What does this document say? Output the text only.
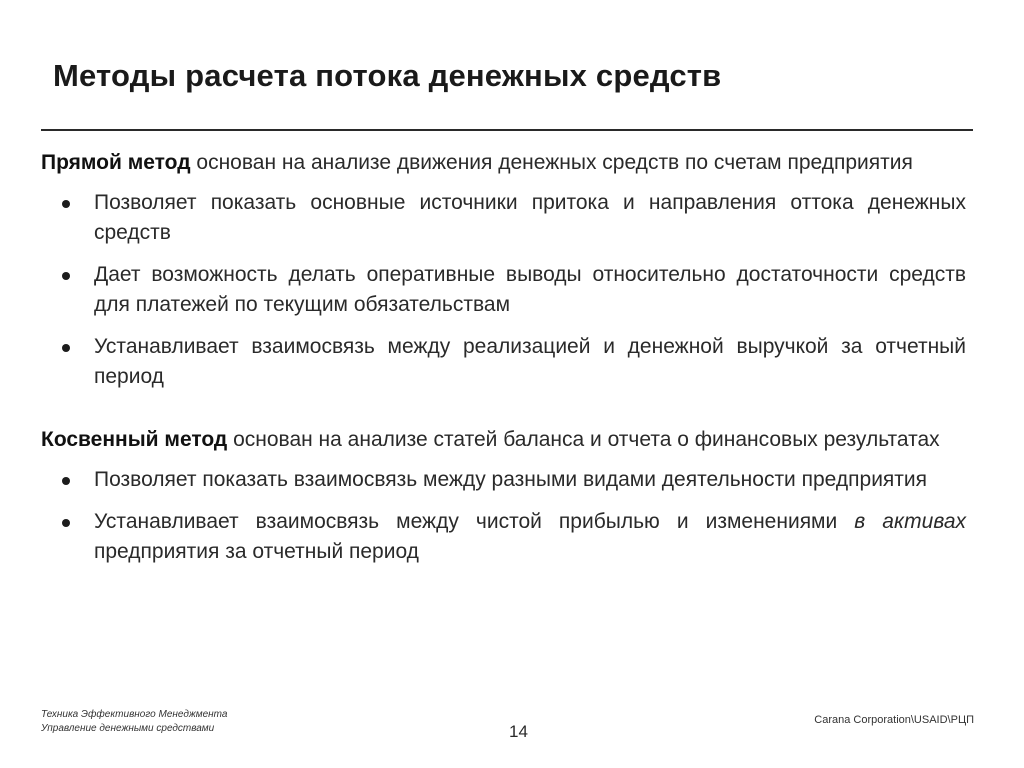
Методы расчета потока денежных средств

Прямой метод основан на анализе движения денежных средств по счетам предприятия

Позволяет показать основные источники притока и направления оттока денежных средств
Дает возможность делать оперативные выводы относительно достаточности средств для платежей по текущим обязательствам
Устанавливает взаимосвязь между реализацией и денежной выручкой за отчетный период

Косвенный метод основан на анализе статей баланса и отчета о финансовых результатах

Позволяет показать взаимосвязь между разными видами деятельности предприятия
Устанавливает взаимосвязь между чистой прибылью и изменениями в активах предприятия за отчетный период
Техника Эффективного Менеджмента
Управление денежными средствами	14
Carana Corporation\USAID\РЦП
